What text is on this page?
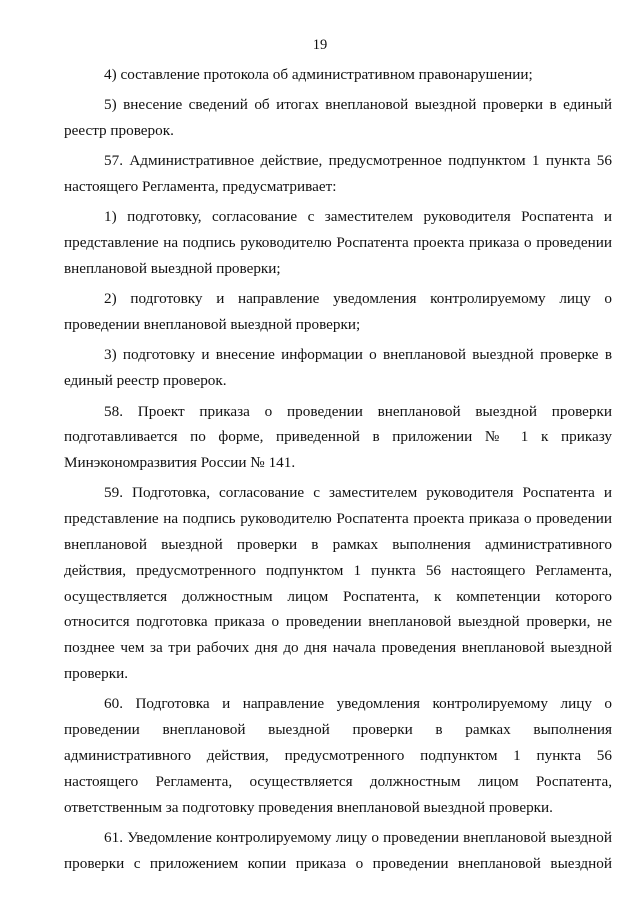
19

4) составление протокола об административном правонарушении;

5) внесение сведений об итогах внеплановой выездной проверки в единый реестр проверок.

57. Административное действие, предусмотренное подпунктом 1 пункта 56 настоящего Регламента, предусматривает:

1) подготовку, согласование с заместителем руководителя Роспатента и представление на подпись руководителю Роспатента проекта приказа о проведении внеплановой выездной проверки;

2) подготовку и направление уведомления контролируемому лицу о проведении внеплановой выездной проверки;

3) подготовку и внесение информации о внеплановой выездной проверке в единый реестр проверок.

58. Проект приказа о проведении внеплановой выездной проверки подготавливается по форме, приведенной в приложении № 1 к приказу Минэкономразвития России № 141.

59. Подготовка, согласование с заместителем руководителя Роспатента и представление на подпись руководителю Роспатента проекта приказа о проведении внеплановой выездной проверки в рамках выполнения административного действия, предусмотренного подпунктом 1 пункта 56 настоящего Регламента, осуществляется должностным лицом Роспатента, к компетенции которого относится подготовка приказа о проведении внеплановой выездной проверки, не позднее чем за три рабочих дня до дня начала проведения внеплановой выездной проверки.

60. Подготовка и направление уведомления контролируемому лицу о проведении внеплановой выездной проверки в рамках выполнения административного действия, предусмотренного подпунктом 1 пункта 56 настоящего Регламента, осуществляется должностным лицом Роспатента, ответственным за подготовку проведения внеплановой выездной проверки.

61. Уведомление контролируемому лицу о проведении внеплановой выездной проверки с приложением копии приказа о проведении внеплановой выездной
